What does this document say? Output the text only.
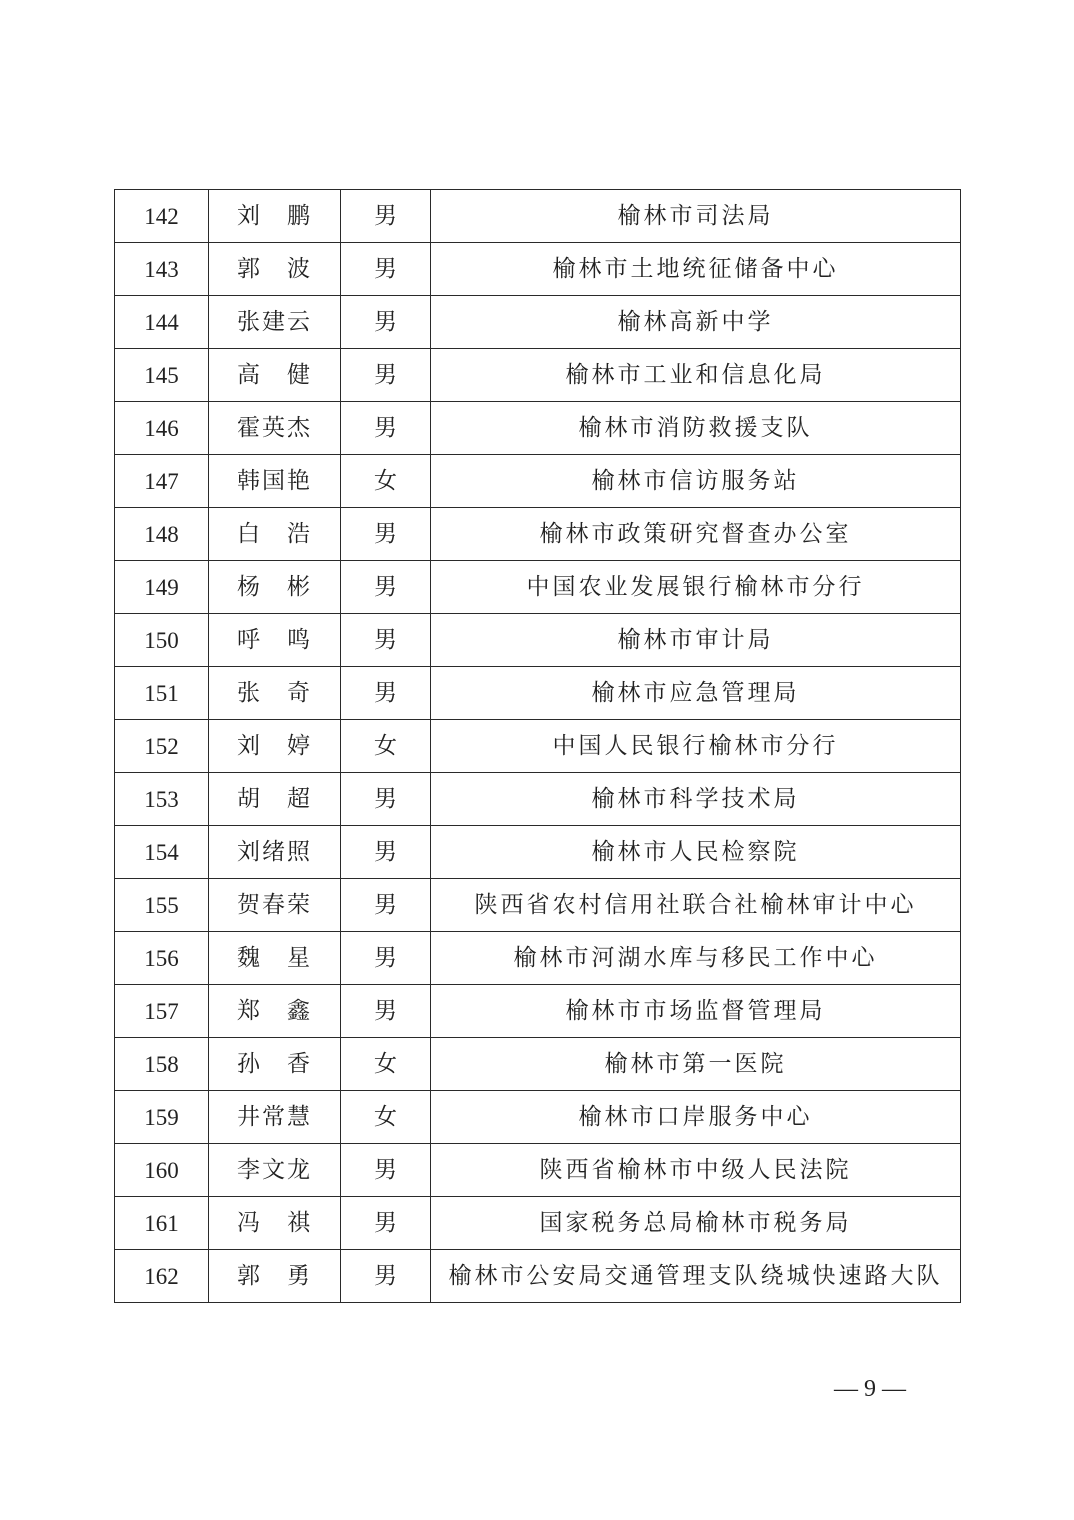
142	刘　鹏	男	榆林市司法局
143	郭　波	男	榆林市土地统征储备中心
144	张建云	男	榆林高新中学
145	高　健	男	榆林市工业和信息化局
146	霍英杰	男	榆林市消防救援支队
147	韩国艳	女	榆林市信访服务站
148	白　浩	男	榆林市政策研究督查办公室
149	杨　彬	男	中国农业发展银行榆林市分行
150	呼　鸣	男	榆林市审计局
151	张　奇	男	榆林市应急管理局
152	刘　婷	女	中国人民银行榆林市分行
153	胡　超	男	榆林市科学技术局
154	刘绪照	男	榆林市人民检察院
155	贺春荣	男	陕西省农村信用社联合社榆林审计中心
156	魏　星	男	榆林市河湖水库与移民工作中心
157	郑　鑫	男	榆林市市场监督管理局
158	孙　香	女	榆林市第一医院
159	井常慧	女	榆林市口岸服务中心
160	李文龙	男	陕西省榆林市中级人民法院
161	冯　祺	男	国家税务总局榆林市税务局
162	郭　勇	男	榆林市公安局交通管理支队绕城快速路大队
— 9 —
